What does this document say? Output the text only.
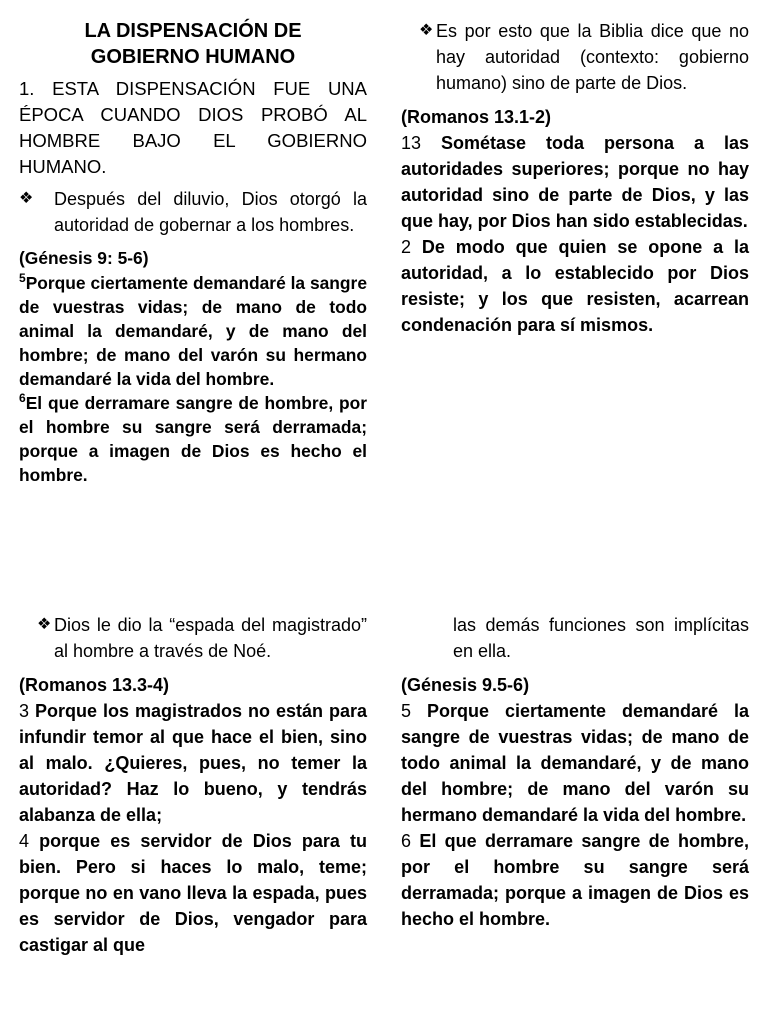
LA DISPENSACIÓN DE
GOBIERNO HUMANO

1. ESTA DISPENSACIÓN FUE UNA ÉPOCA CUANDO DIOS PROBÓ AL HOMBRE BAJO EL GOBIERNO HUMANO.

❖	Después del diluvio, Dios otorgó la autoridad de gobernar a los hombres.

(Génesis 9: 5-6)

$^5$Porque ciertamente demandaré la sangre de vuestras vidas; de mano de todo animal la demandaré, y de mano del hombre; de mano del varón su hermano demandaré la vida del hombre.

$^6$El que derramare sangre de hombre, por el hombre su sangre será derramada; porque a imagen de Dios es hecho el hombre.

❖ Es por esto que la Biblia dice que no hay autoridad (contexto: gobierno humano) sino de parte de Dios.

(Romanos 13.1-2)

13 Sométase toda persona a las autoridades superiores; porque no hay autoridad sino de parte de Dios, y las que hay, por Dios han sido establecidas.

2 De modo que quien se opone a la autoridad, a lo establecido por Dios resiste; y los que resisten, acarrean condenación para sí mismos.

❖ Dios le dio la “espada del magistrado” al hombre a través de Noé.

(Romanos 13.3-4)

3 Porque los magistrados no están para infundir temor al que hace el bien, sino al malo. ¿Quieres, pues, no temer la autoridad? Haz lo bueno, y tendrás alabanza de ella;

4 porque es servidor de Dios para tu bien. Pero si haces lo malo, teme; porque no en vano lleva la espada, pues es servidor de Dios, vengador para castigar al que

las demás funciones son implícitas en ella.

(Génesis 9.5-6)

5 Porque ciertamente demandaré la sangre de vuestras vidas; de mano de todo animal la demandaré, y de mano del hombre; de mano del varón su hermano demandaré la vida del hombre.

6 El que derramare sangre de hombre, por el hombre su sangre será derramada; porque a imagen de Dios es hecho el hombre.
